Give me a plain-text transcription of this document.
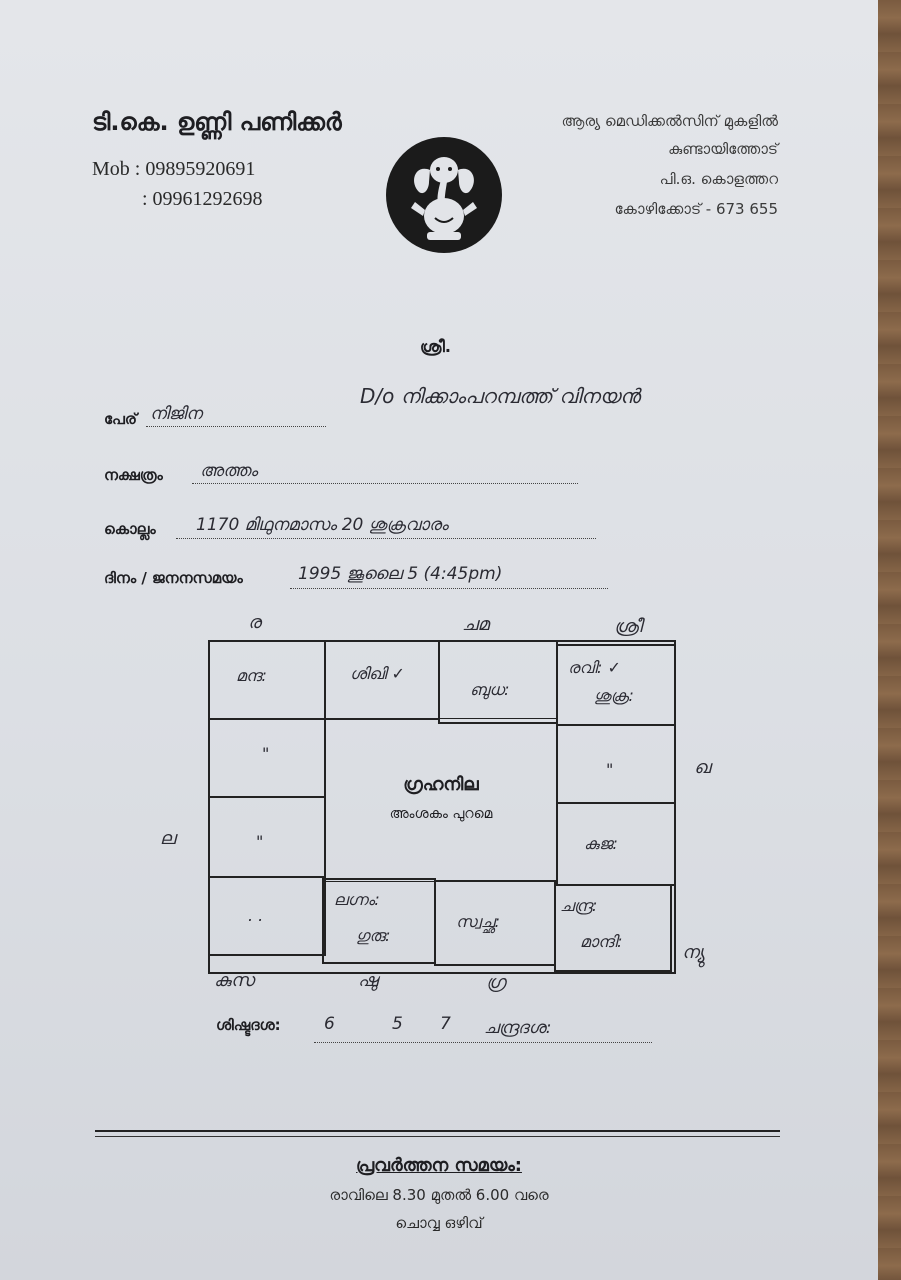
ടി.കെ. ഉണ്ണി പണിക്കർ
Mob : 09895920691
: 09961292698
ആര്യ മെഡിക്കൽസിന് മുകളിൽ
കുണ്ടായിത്തോട്
പി.ഒ. കൊളത്തറ
കോഴിക്കോട് - 673 655
ശ്രീ.
D/o നിക്കാംപറമ്പത്ത് വിനയൻ
പേര് നിജിന
നക്ഷത്രം അത്തം
കൊല്ലം 1170 മിഥുനമാസം 20 ശുക്രവാരം
ദിനം / ജനനസമയം	1995 ജൂലൈ 5 (4:45pm)
ര	ചമ	ശ്രീ
ഖ
ന്യു
ല
കുസ	ഷു	ഗ്ര
ഗ്രഹനില
അംശകം പുറമെ
മന്ദ:	ശിഖി ✓
ബുധ:
രവി: ✓
ശുക്ര:
"
"
"	കുജ:
. .
ലഗ്നം:
ഗുരു:
സ്വച്ഛ:
ചന്ദ്ര:
മാന്ദി:
ശിഷ്ടദശ:	6	5 7 ചന്ദ്രദശ:
പ്രവർത്തന സമയം:
രാവിലെ 8.30 മുതൽ 6.00 വരെ
ചൊവ്വ ഒഴിവ്
